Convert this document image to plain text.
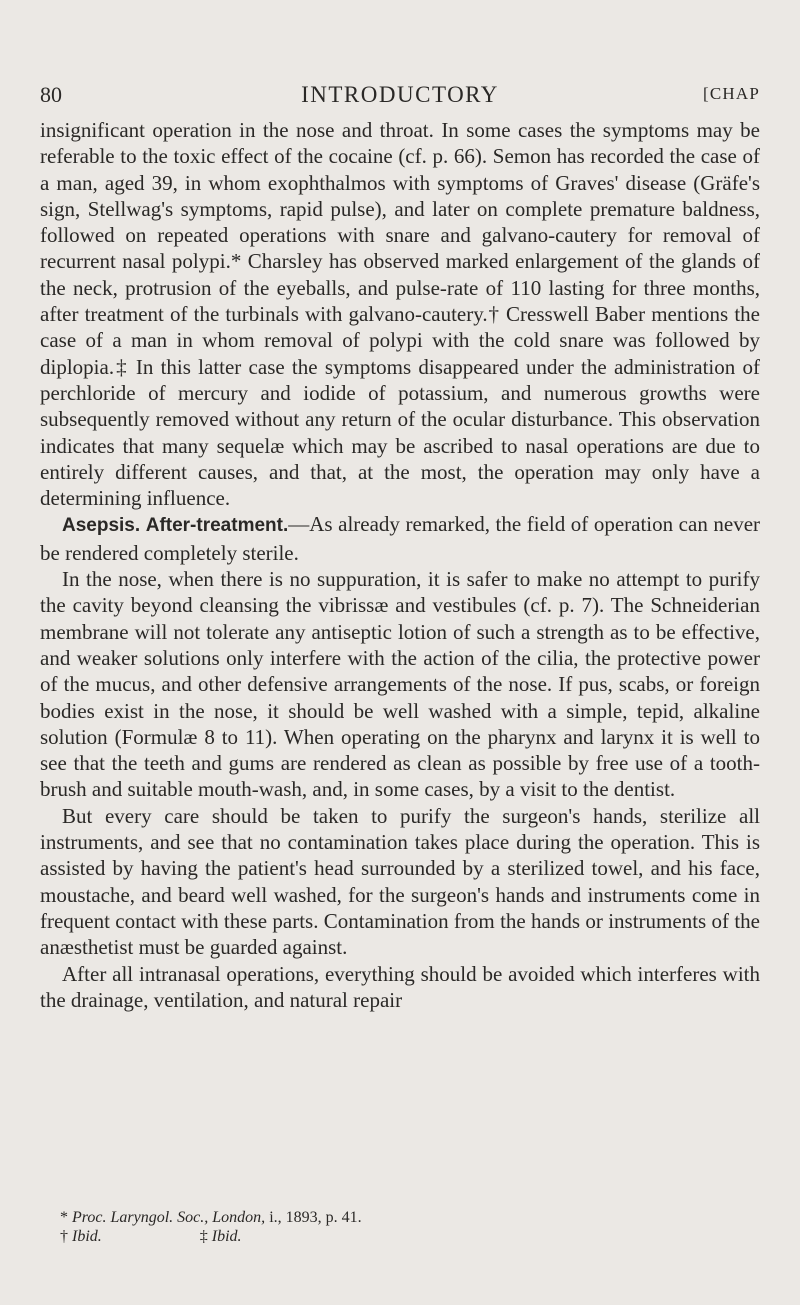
80	INTRODUCTORY	[CHAP

insignificant operation in the nose and throat. In some cases the symptoms may be referable to the toxic effect of the cocaine (cf. p. 66). Semon has recorded the case of a man, aged 39, in whom exophthalmos with symptoms of Graves' disease (Gräfe's sign, Stellwag's symptoms, rapid pulse), and later on complete premature baldness, followed on repeated operations with snare and galvano-cautery for removal of recurrent nasal polypi.* Charsley has observed marked enlargement of the glands of the neck, protrusion of the eyeballs, and pulse-rate of 110 lasting for three months, after treatment of the turbinals with galvano-cautery.† Cresswell Baber mentions the case of a man in whom removal of polypi with the cold snare was followed by diplopia.‡ In this latter case the symptoms disappeared under the administration of perchloride of mercury and iodide of potassium, and numerous growths were subsequently removed without any return of the ocular disturbance. This observation indicates that many sequelæ which may be ascribed to nasal operations are due to entirely different causes, and that, at the most, the operation may only have a determining influence.

Asepsis. After-treatment.—As already remarked, the field of operation can never be rendered completely sterile.

In the nose, when there is no suppuration, it is safer to make no attempt to purify the cavity beyond cleansing the vibrissæ and vestibules (cf. p. 7). The Schneiderian membrane will not tolerate any antiseptic lotion of such a strength as to be effective, and weaker solutions only interfere with the action of the cilia, the protective power of the mucus, and other defensive arrangements of the nose. If pus, scabs, or foreign bodies exist in the nose, it should be well washed with a simple, tepid, alkaline solution (Formulæ 8 to 11). When operating on the pharynx and larynx it is well to see that the teeth and gums are rendered as clean as possible by free use of a tooth-brush and suitable mouth-wash, and, in some cases, by a visit to the dentist.

But every care should be taken to purify the surgeon's hands, sterilize all instruments, and see that no contamination takes place during the operation. This is assisted by having the patient's head surrounded by a sterilized towel, and his face, moustache, and beard well washed, for the surgeon's hands and instruments come in frequent contact with these parts. Contamination from the hands or instruments of the anæsthetist must be guarded against.

After all intranasal operations, everything should be avoided which interferes with the drainage, ventilation, and natural repair

*
Proc. Laryngol. Soc., London,
i., 1893, p. 41.
†
Ibid.	‡
Ibid.
